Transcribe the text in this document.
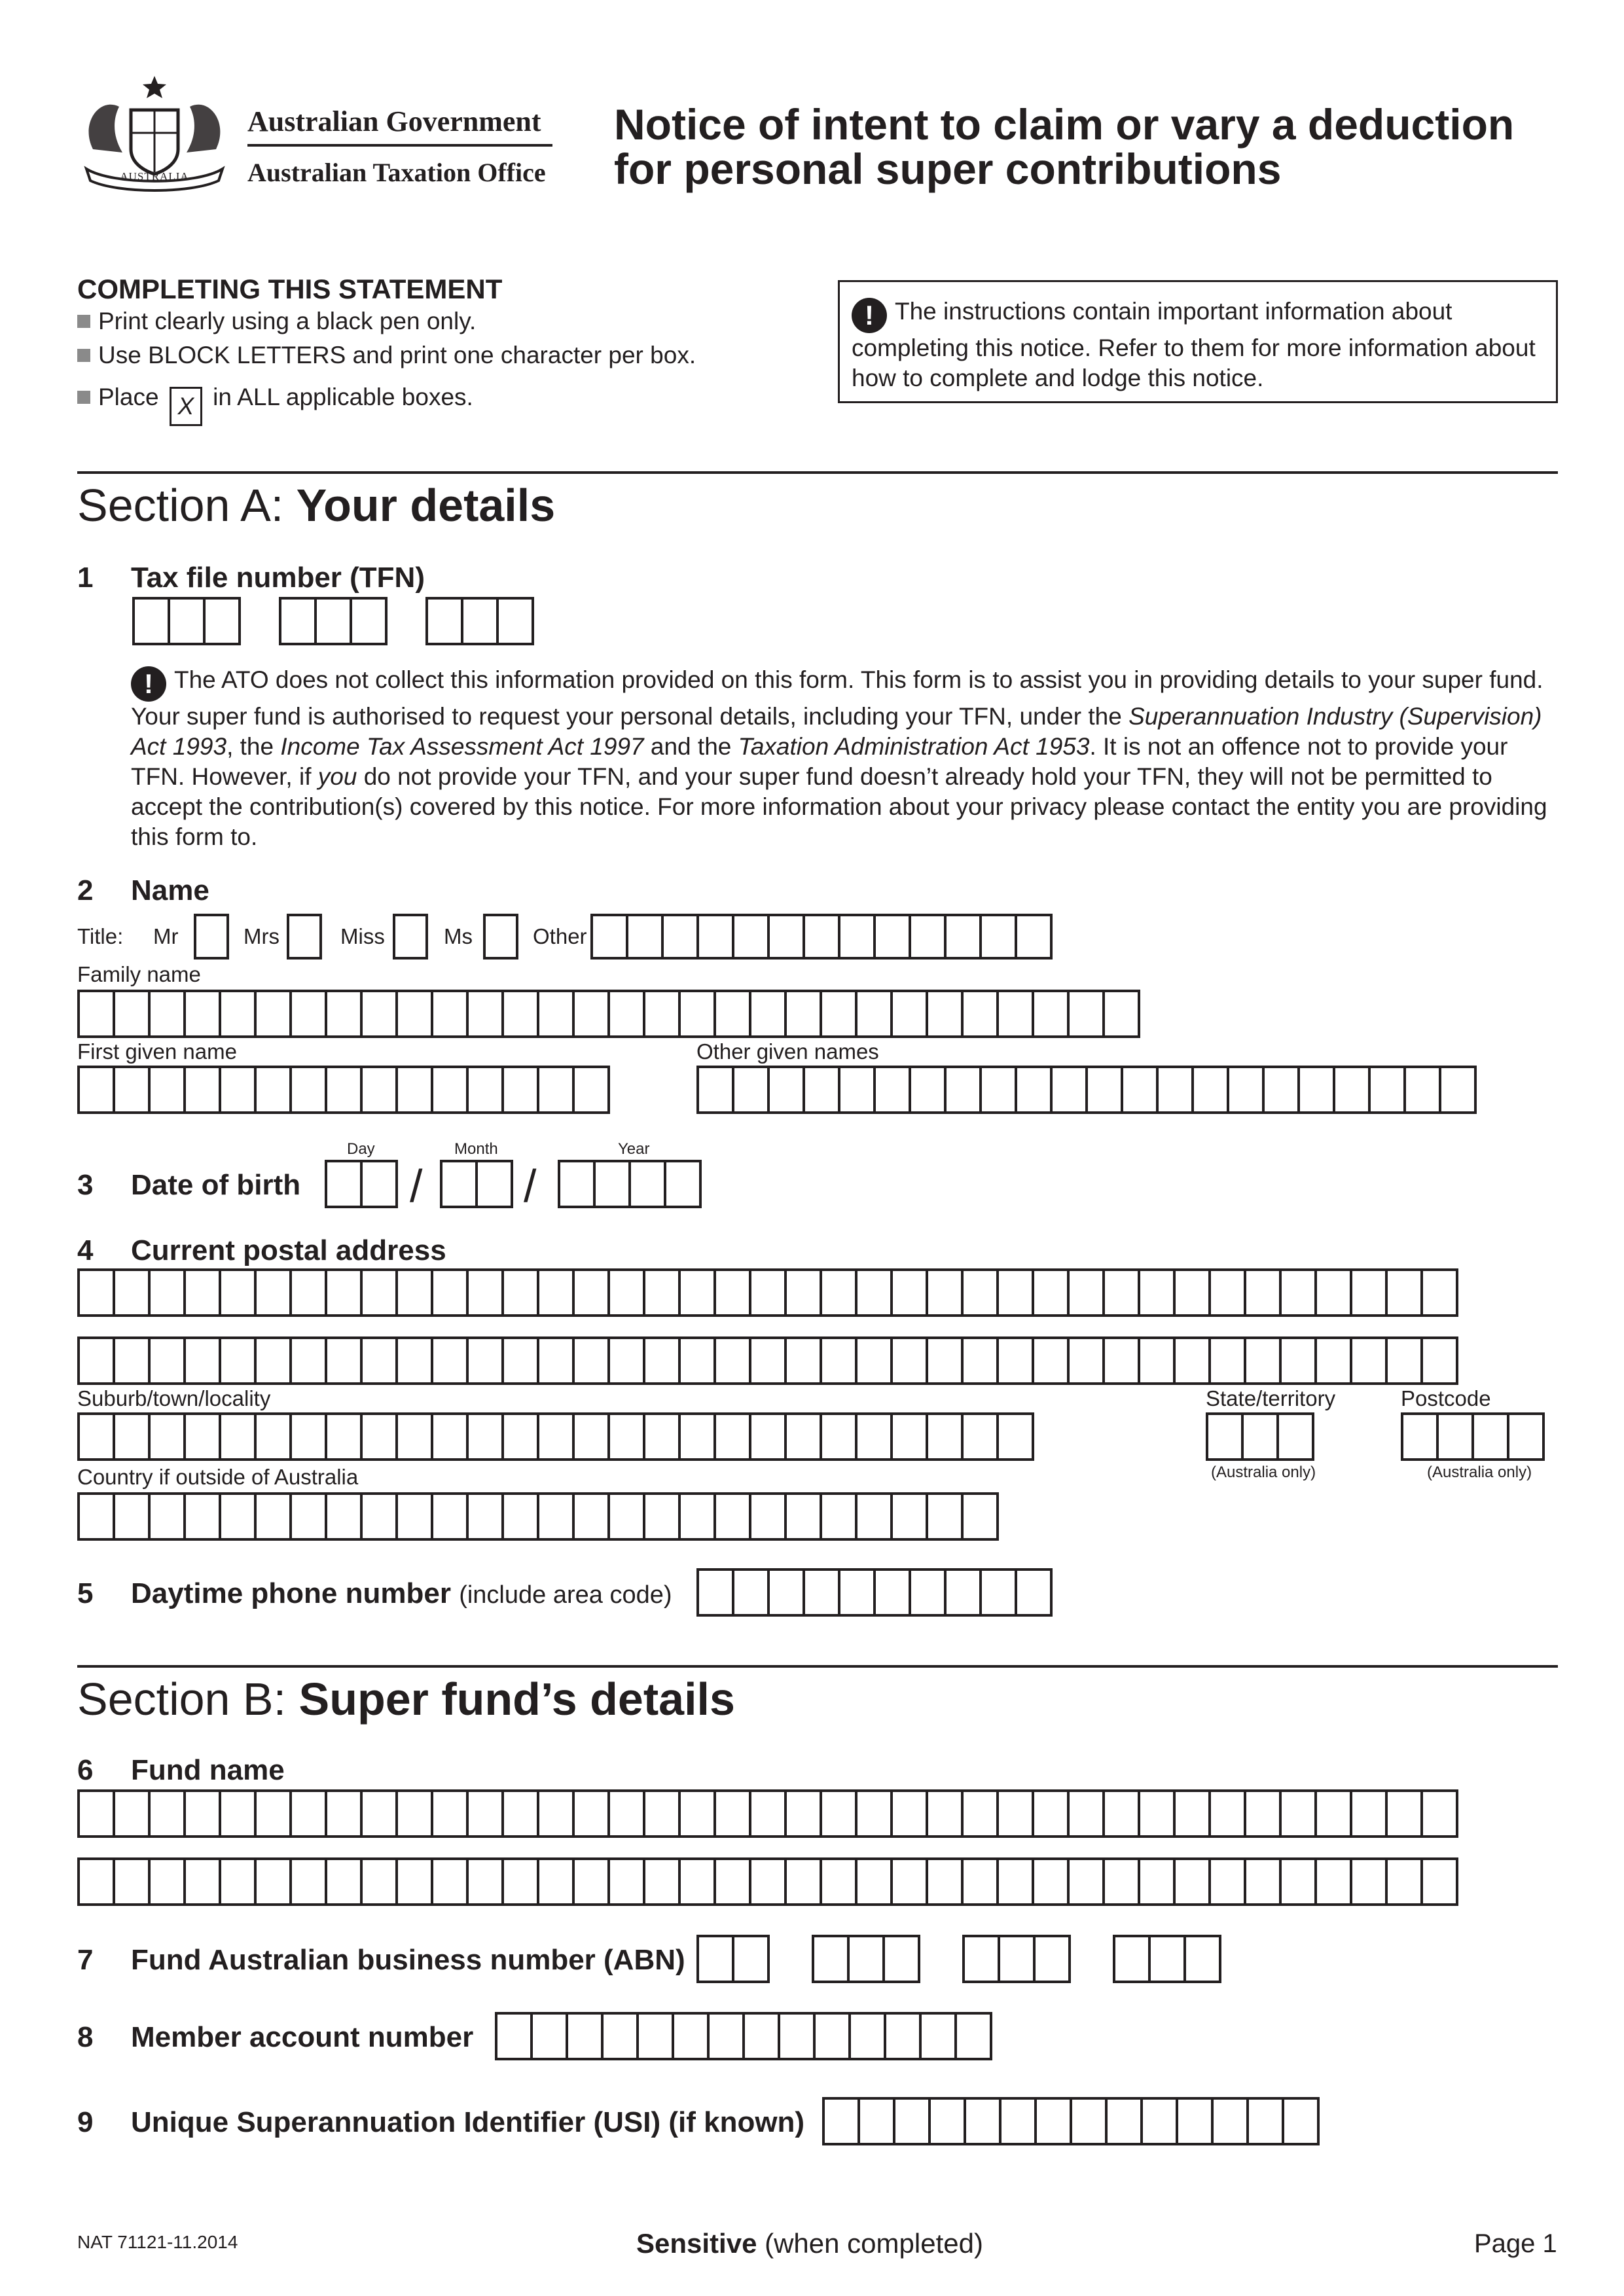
AUSTRALIA
Australian Government
Australian Taxation Office
Notice of intent to claim or vary a deduction
for personal super contributions
COMPLETING THIS STATEMENT
Print clearly using a black pen only.
Use BLOCK LETTERS and print one character per box.
Place X in ALL applicable boxes.
! The instructions contain important information about completing this notice. Refer to them for more information about how to complete and lodge this notice.
Section A: Your details
1 Tax file number (TFN)
! The ATO does not collect this information provided on this form. This form is to assist you in providing details to your super fund. Your super fund is authorised to request your personal details, including your TFN, under the Superannuation Industry (Supervision) Act 1993, the Income Tax Assessment Act 1997 and the Taxation Administration Act 1953. It is not an offence not to provide your TFN. However, if you do not provide your TFN, and your super fund doesn’t already hold your TFN, they will not be permitted to accept the contribution(s) covered by this notice. For more information about your privacy please contact the entity you are providing this form to.
2 Name
Title: Mr	Mrs	Miss	Ms	Other
Family name
First given name	Other given names
Day	Month	Year
3 Date of birth / /
4 Current postal address
Suburb/town/locality	State/territory
(Australia only)
Postcode
(Australia only)
Country if outside of Australia
5 Daytime phone number (include area code)
Section B: Super fund’s details
6 Fund name
7 Fund Australian business number (ABN)
8 Member account number
9 Unique Superannuation Identifier (USI) (if known)
NAT 71121-11.2014	Sensitive (when completed)	Page 1
